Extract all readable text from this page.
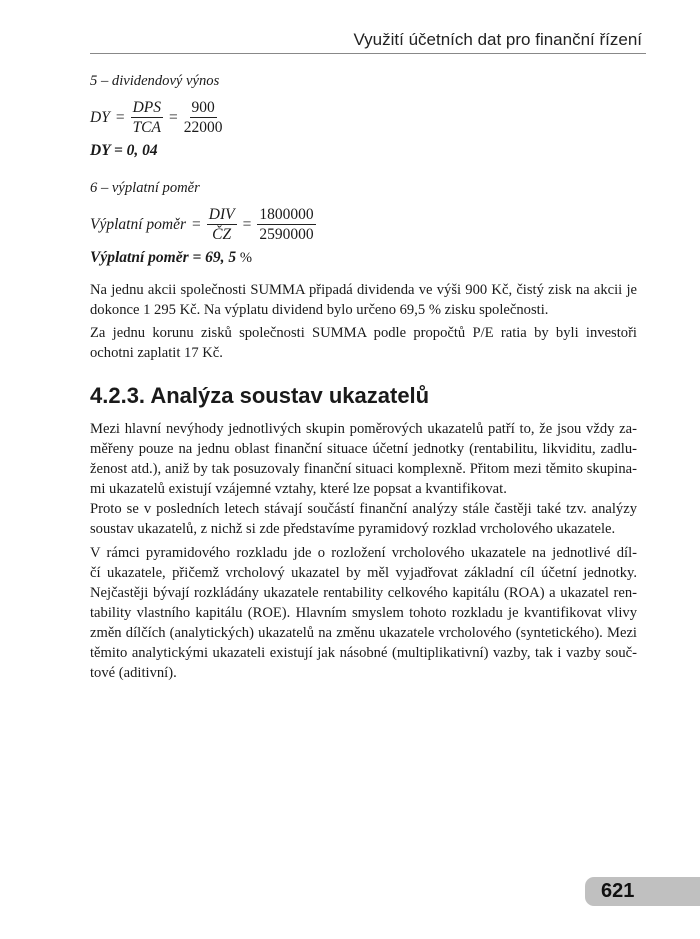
Využití účetních dat pro finanční řízení
5 – dividendový výnos
DY = $\frac{\text{DPS}}{\text{TCA}} = \frac{900}{22000}$
DY = 0, 04
6 – výplatní poměr
Výplatní poměr = $\frac{\text{DIV}}{ČZ} = \frac{1800000}{2590000}$
Výplatní poměr = 69, 5 %
Na jednu akcii společnosti SUMMA připadá dividenda ve výši 900 Kč, čistý zisk na akcii je
dokonce 1 295 Kč. Na výplatu dividend bylo určeno 69,5 % zisku společnosti.
Za jednu korunu zisků společnosti SUMMA podle propočtů P/E ratia by byli investoři
ochotni zaplatit 17 Kč.
4.2.3. Analýza soustav ukazatelů
Mezi hlavní nevýhody jednotlivých skupin poměrových ukazatelů patří to, že jsou vždy za-
měřeny pouze na jednu oblast finanční situace účetní jednotky (rentabilitu, likviditu, zadlu-
ženost atd.), aniž by tak posuzovaly finanční situaci komplexně. Přitom mezi těmito skupina-
mi ukazatelů existují vzájemné vztahy, které lze popsat a kvantifikovat.
Proto se v posledních letech stávají součástí finanční analýzy stále častěji také tzv. analýzy
soustav ukazatelů, z nichž si zde představíme pyramidový rozklad vrcholového ukazatele.
V rámci pyramidového rozkladu jde o rozložení vrcholového ukazatele na jednotlivé díl-
čí ukazatele, přičemž vrcholový ukazatel by měl vyjadřovat základní cíl účetní jednotky.
Nejčastěji bývají rozkládány ukazatele rentability celkového kapitálu (ROA) a ukazatel ren-
tability vlastního kapitálu (ROE). Hlavním smyslem tohoto rozkladu je kvantifikovat vlivy
změn dílčích (analytických) ukazatelů na změnu ukazatele vrcholového (syntetického). Mezi
těmito analytickými ukazateli existují jak násobné (multiplikativní) vazby, tak i vazby souč-
tové (aditivní).
621
